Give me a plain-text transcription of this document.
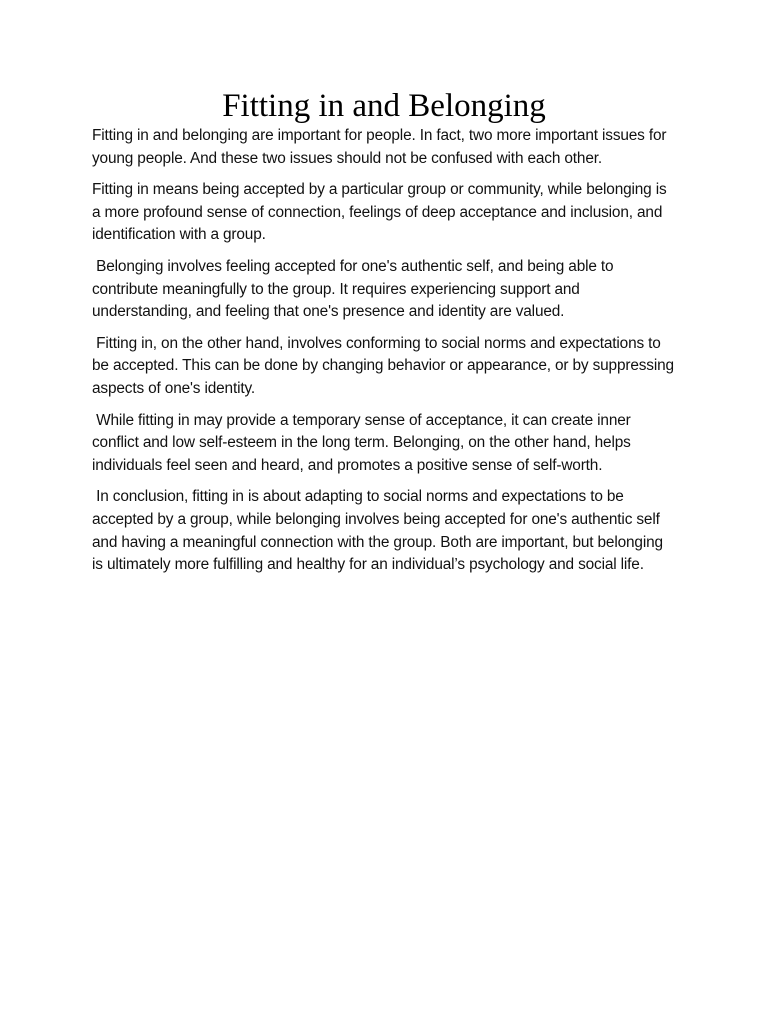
Fitting in and Belonging

Fitting in and belonging are important for people. In fact, two more important issues for young people. And these two issues should not be confused with each other.

Fitting in means being accepted by a particular group or community, while belonging is a more profound sense of connection, feelings of deep acceptance and inclusion, and identification with a group.

Belonging involves feeling accepted for one's authentic self, and being able to contribute meaningfully to the group. It requires experiencing support and understanding, and feeling that one's presence and identity are valued.

Fitting in, on the other hand, involves conforming to social norms and expectations to be accepted. This can be done by changing behavior or appearance, or by suppressing aspects of one's identity.

While fitting in may provide a temporary sense of acceptance, it can create inner conflict and low self-esteem in the long term. Belonging, on the other hand, helps individuals feel seen and heard, and promotes a positive sense of self-worth.

In conclusion, fitting in is about adapting to social norms and expectations to be accepted by a group, while belonging involves being accepted for one's authentic self and having a meaningful connection with the group. Both are important, but belonging is ultimately more fulfilling and healthy for an individual’s psychology and social life.
